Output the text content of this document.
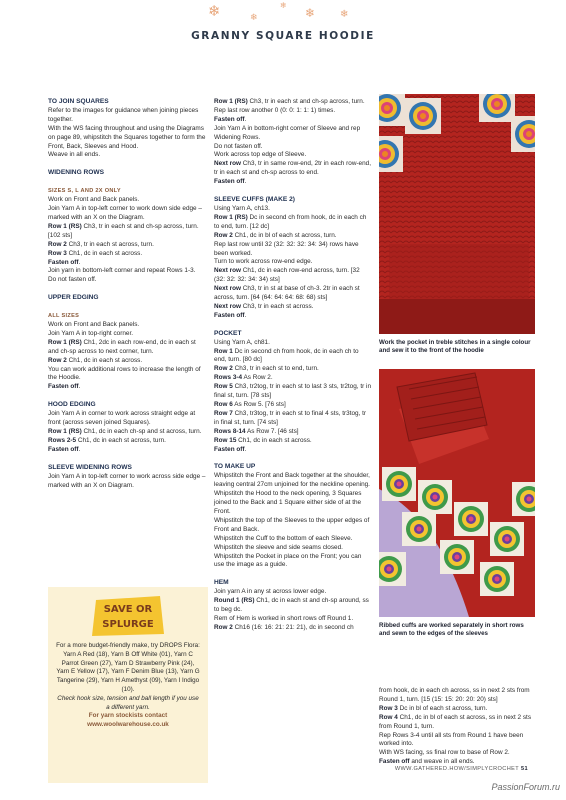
❄	❄
❄
❄ ❄
GRANNY SQUARE HOODIE

TO JOIN SQUARES

Refer to the images for guidance when joining pieces together.

With the WS facing throughout and using the Diagrams on page 89, whipstitch the Squares together to form the Front, Back, Sleeves and Hood.

Weave in all ends.

WIDENING ROWS

SIZES S, L AND 2X ONLY

Work on Front and Back panels.

Join Yarn A in top-left corner to work down side edge – marked with an X on the Diagram.

Row 1 (RS) Ch3, tr in each st and ch-sp across, turn. [102 sts]

Row 2 Ch3, tr in each st across, turn.

Row 3 Ch1, dc in each st across.

Fasten off.

Join yarn in bottom-left corner and repeat Rows 1-3.

Do not fasten off.

UPPER EDGING

ALL SIZES

Work on Front and Back panels.

Join Yarn A in top-right corner.

Row 1 (RS) Ch1, 2dc in each row-end, dc in each st and ch-sp across to next corner, turn.

Row 2 Ch1, dc in each st across.

You can work additional rows to increase the length of the Hoodie.

Fasten off.

HOOD EDGING

Join Yarn A in corner to work across straight edge at front (across seven joined Squares).

Row 1 (RS) Ch1, dc in each ch-sp and st across, turn.

Rows 2-5 Ch1, dc in each st across, turn.

Fasten off.

SLEEVE WIDENING ROWS

Join Yarn A in top-left corner to work across side edge – marked with an X on Diagram.

Row 1 (RS) Ch3, tr in each st and ch-sp across, turn.

Rep last row another 0 (0: 0: 1: 1: 1) times.

Fasten off.

Join Yarn A in bottom-right corner of Sleeve and rep Widening Rows.

Do not fasten off.

Work across top edge of Sleeve.

Next row Ch3, tr in same row-end, 2tr in each row-end, tr in each st and ch-sp across to end.

Fasten off.

SLEEVE CUFFS (MAKE 2)

Using Yarn A, ch13.

Row 1 (RS) Dc in second ch from hook, dc in each ch to end, turn. [12 dc]

Row 2 Ch1, dc in bl of each st across, turn.

Rep last row until 32 (32: 32: 32: 34: 34) rows have been worked.

Turn to work across row-end edge.

Next row Ch1, dc in each row-end across, turn. [32 (32: 32: 32: 34: 34) sts]

Next row Ch3, tr in st at base of ch-3. 2tr in each st across, turn. [64 (64: 64: 64: 68: 68) sts]

Next row Ch3, tr in each st across.

Fasten off.

POCKET

Using Yarn A, ch81.

Row 1 Dc in second ch from hook, dc in each ch to end, turn. [80 dc]

Row 2 Ch3, tr in each st to end, turn.

Rows 3-4 As Row 2.

Row 5 Ch3, tr2tog, tr in each st to last 3 sts, tr2tog, tr in final st, turn. [78 sts]

Row 6 As Row 5. [76 sts]

Row 7 Ch3, tr3tog, tr in each st to final 4 sts, tr3tog, tr in final st, turn. [74 sts]

Rows 8-14 As Row 7. [46 sts]

Row 15 Ch1, dc in each st across.

Fasten off.

TO MAKE UP

Whipstitch the Front and Back together at the shoulder, leaving central 27cm unjoined for the neckline opening.

Whipstitch the Hood to the neck opening, 3 Squares joined to the Back and 1 Square either side of at the Front.

Whipstitch the top of the Sleeves to the upper edges of Front and Back.

Whipstitch the Cuff to the bottom of each Sleeve.

Whipstitch the sleeve and side seams closed.

Whipstitch the Pocket in place on the Front; you can use the image as a guide.

HEM

Join yarn A in any st across lower edge.

Round 1 (RS) Ch1, dc in each st and ch-sp around, ss to beg dc.

Rem of Hem is worked in short rows off Round 1.

Row 2 Ch16 (16: 16: 21: 21: 21), dc in second ch

from hook, dc in each ch across, ss in next 2 sts from Round 1, turn. [15 (15: 15: 20: 20: 20) sts]

Row 3 Dc in bl of each st across, turn.

Row 4 Ch1, dc in bl of each st across, ss in next 2 sts from Round 1, turn.

Rep Rows 3-4 until all sts from Round 1 have been worked into.

With WS facing, ss final row to base of Row 2.

Fasten off and weave in all ends.

Work the pocket in treble stitches in a single colour and sew it to the front of the hoodie
Ribbed cuffs are worked separately in short rows and sewn to the edges of the sleeves
SAVE OR
SPLURGE
For a more budget-friendly make, try DROPS Flora: Yarn A Red (18), Yarn B Off White (01), Yarn C Parrot Green (27), Yarn D Strawberry Pink (24), Yarn E Yellow (17), Yarn F Denim Blue (13), Yarn G Tangerine (29), Yarn H Amethyst (09), Yarn I Indigo (10).
Check hook size, tension and ball length if you use a different yarn.
For yarn stockists contact
www.woolwarehouse.co.uk
WWW.GATHERED.HOW/SIMPLYCROCHET 51
PassionForum.ru
